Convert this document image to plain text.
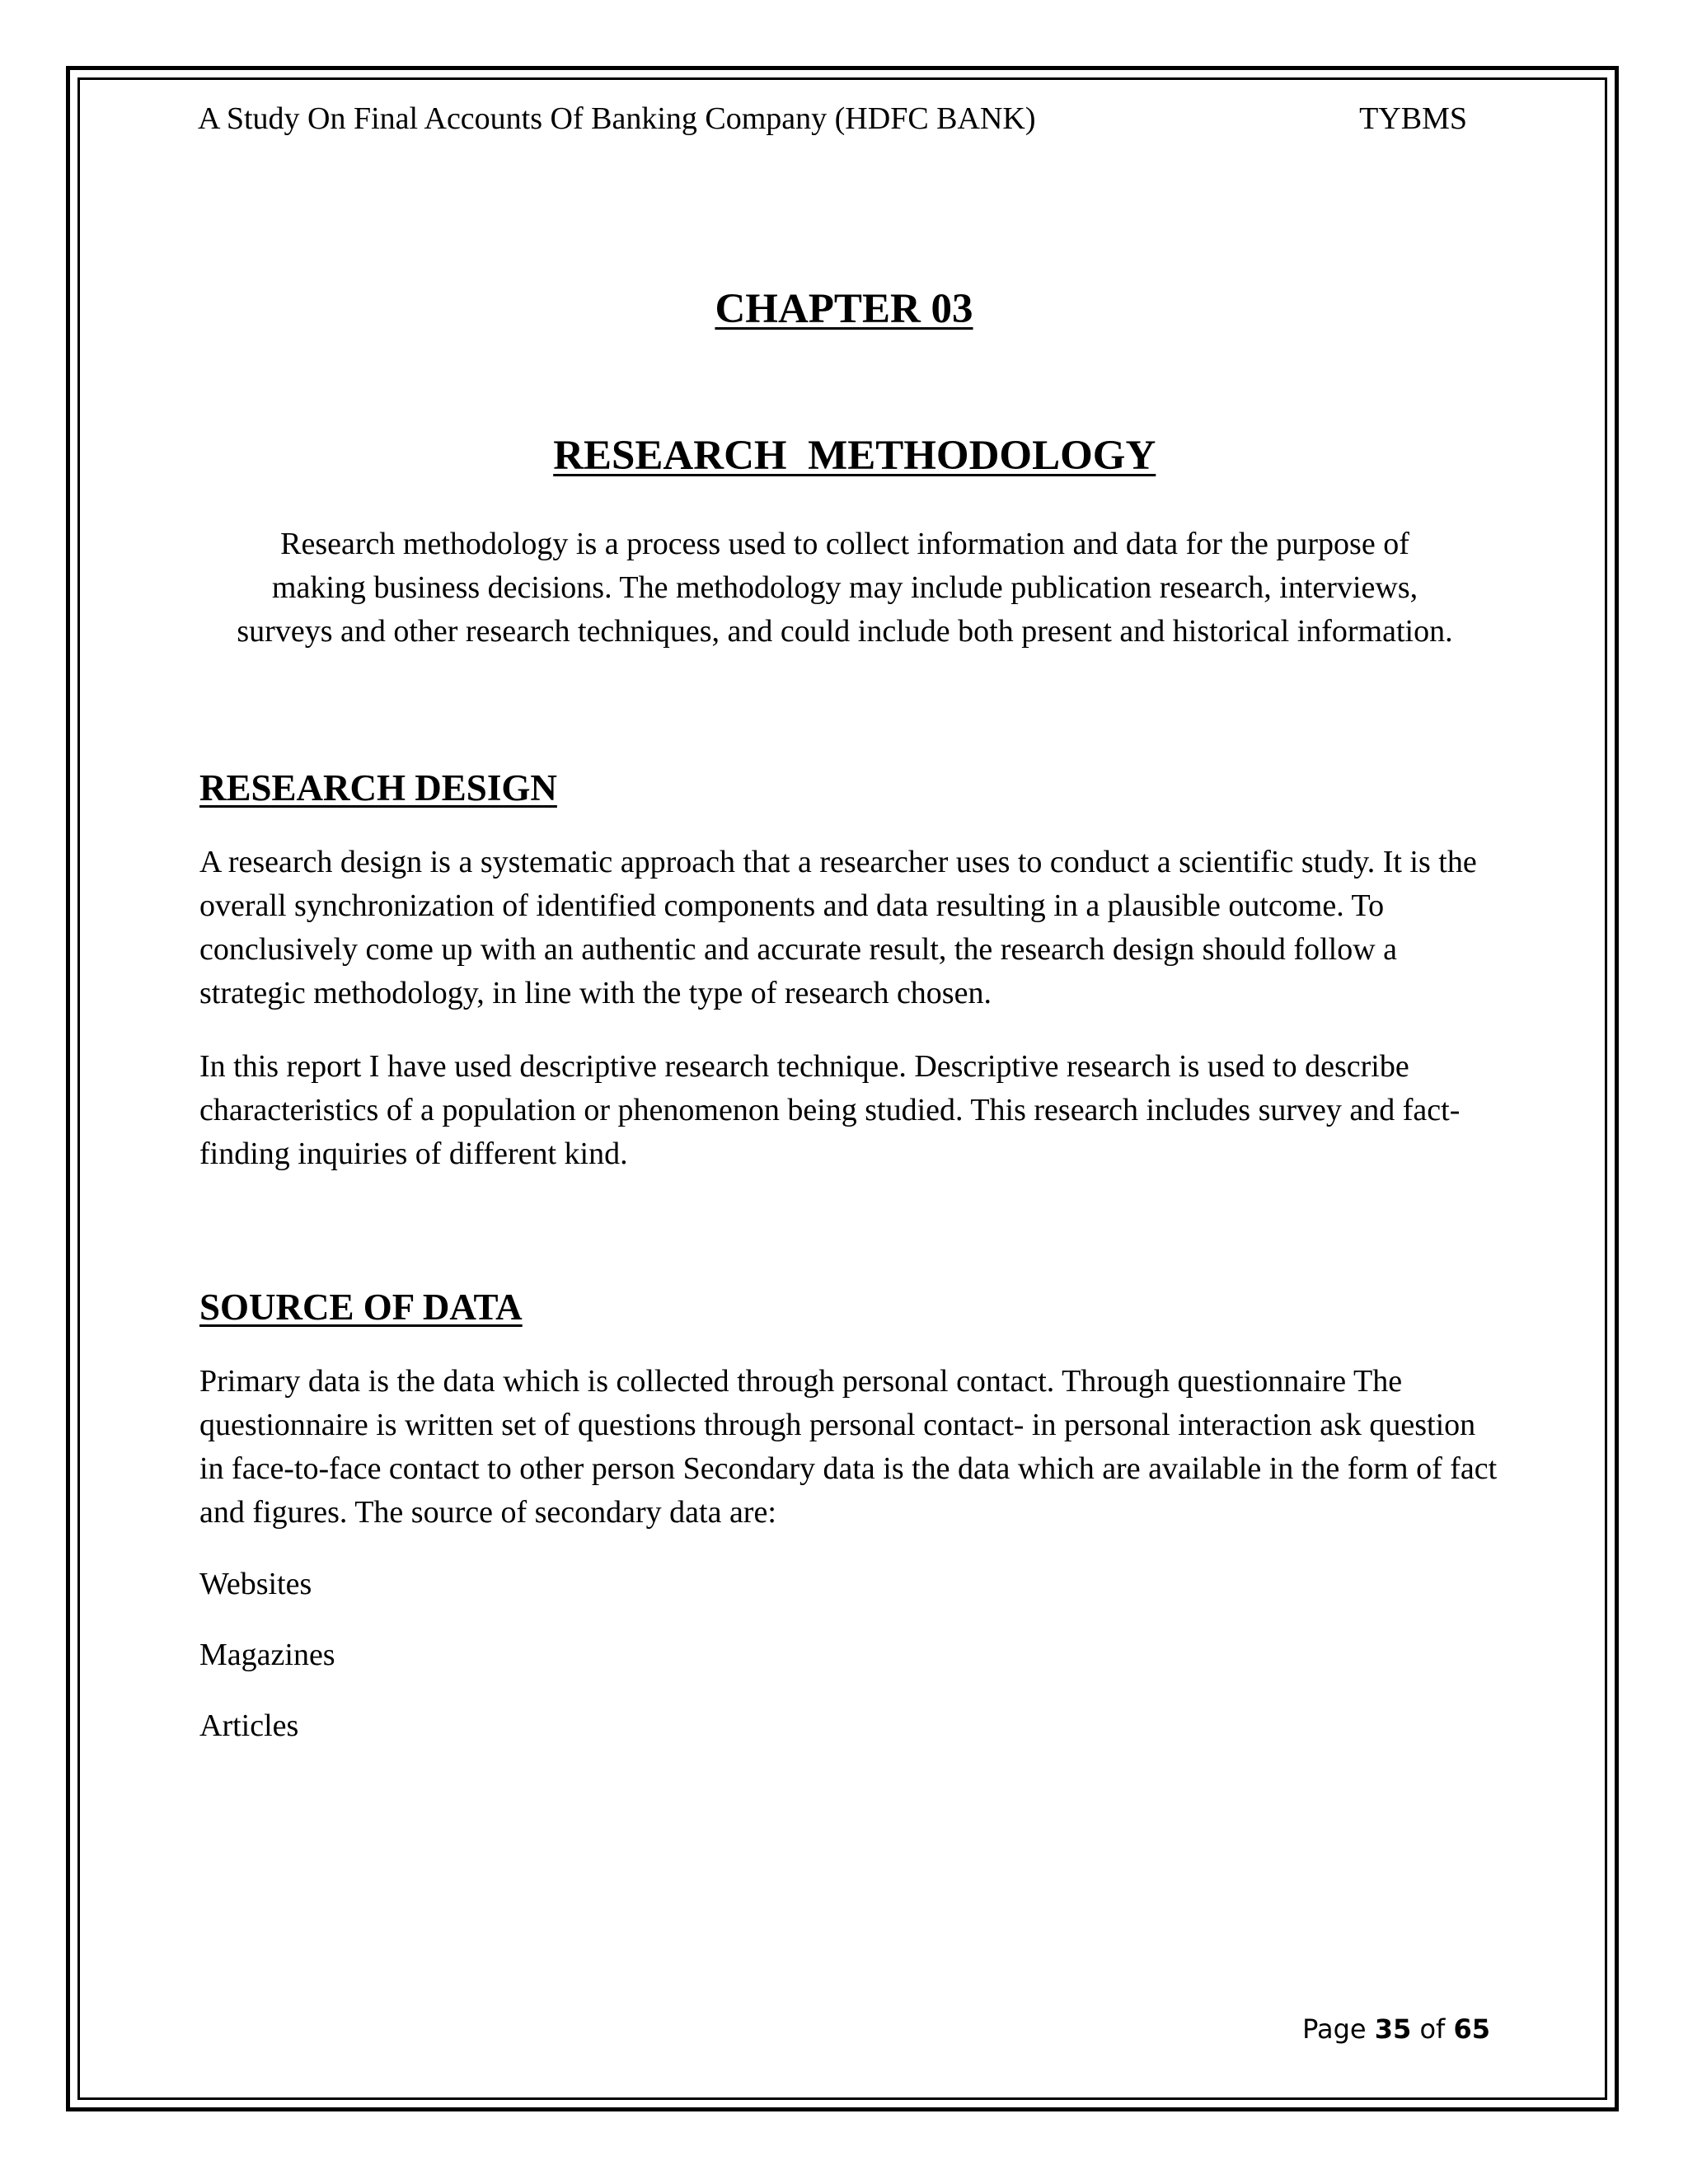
A Study On Final Accounts Of Banking Company (HDFC BANK)	TYBMS
CHAPTER 03

RESEARCH  METHODOLOGY

Research methodology is a process used to collect information and data for the purpose of
making business decisions. The methodology may include publication research, interviews,
surveys and other research techniques, and could include both present and historical information.
RESEARCH DESIGN

A research design is a systematic approach that a researcher uses to conduct a scientific study. It is the overall synchronization of identified components and data resulting in a plausible outcome. To conclusively come up with an authentic and accurate result, the research design should follow a strategic methodology, in line with the type of research chosen.

In this report I have used descriptive research technique. Descriptive research is used to describe characteristics of a population or phenomenon being studied. This research includes survey and fact-finding inquiries of different kind.

SOURCE OF DATA

Primary data is the data which is collected through personal contact. Through questionnaire The questionnaire is written set of questions through personal contact- in personal interaction ask question in face-to-face contact to other person Secondary data is the data which are available in the form of fact and figures. The source of secondary data are:

Websites
Magazines
Articles
Page 35 of 65
